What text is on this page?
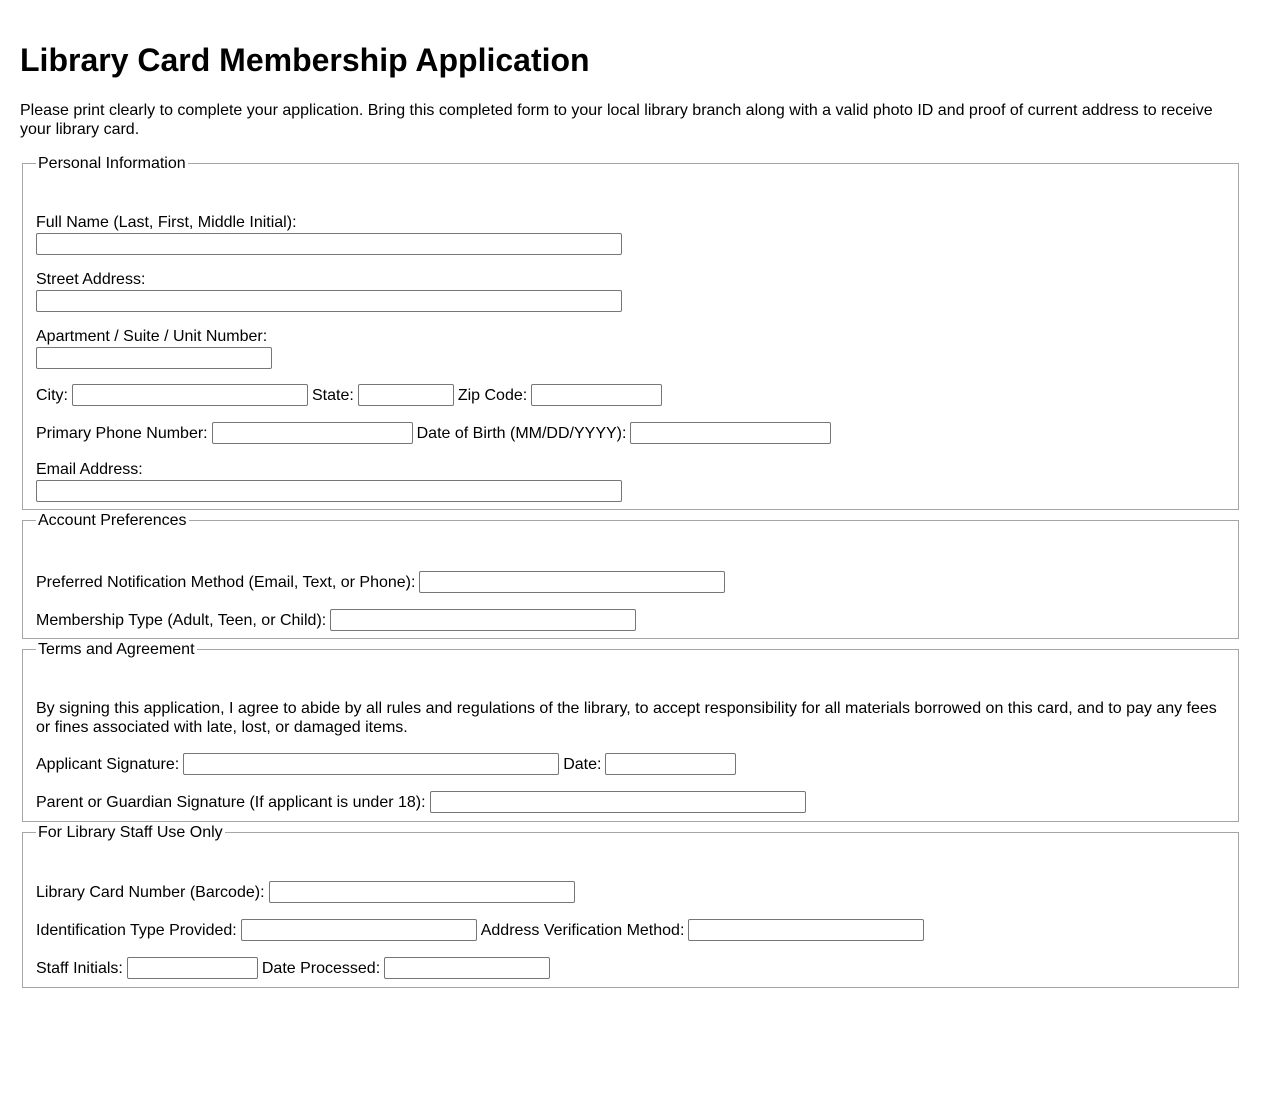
Library Card Membership Application

Please print clearly to complete your application. Bring this completed form to your local library branch along with a valid photo ID and proof of current address to receive your library card.

Personal Information
Full Name (Last, First, Middle Initial):
Street Address:
Apartment / Suite / Unit Number:
City:	State:	Zip Code:
Primary Phone Number:	Date of Birth (MM/DD/YYYY):
Email Address:
Account Preferences
Preferred Notification Method (Email, Text, or Phone):
Membership Type (Adult, Teen, or Child):
Terms and Agreement

By signing this application, I agree to abide by all rules and regulations of the library, to accept responsibility for all materials borrowed on this card, and to pay any fees or fines associated with late, lost, or damaged items.

Applicant Signature:	Date:
Parent or Guardian Signature (If applicant is under 18):
For Library Staff Use Only
Library Card Number (Barcode):
Identification Type Provided:	Address Verification Method:
Staff Initials:	Date Processed:
